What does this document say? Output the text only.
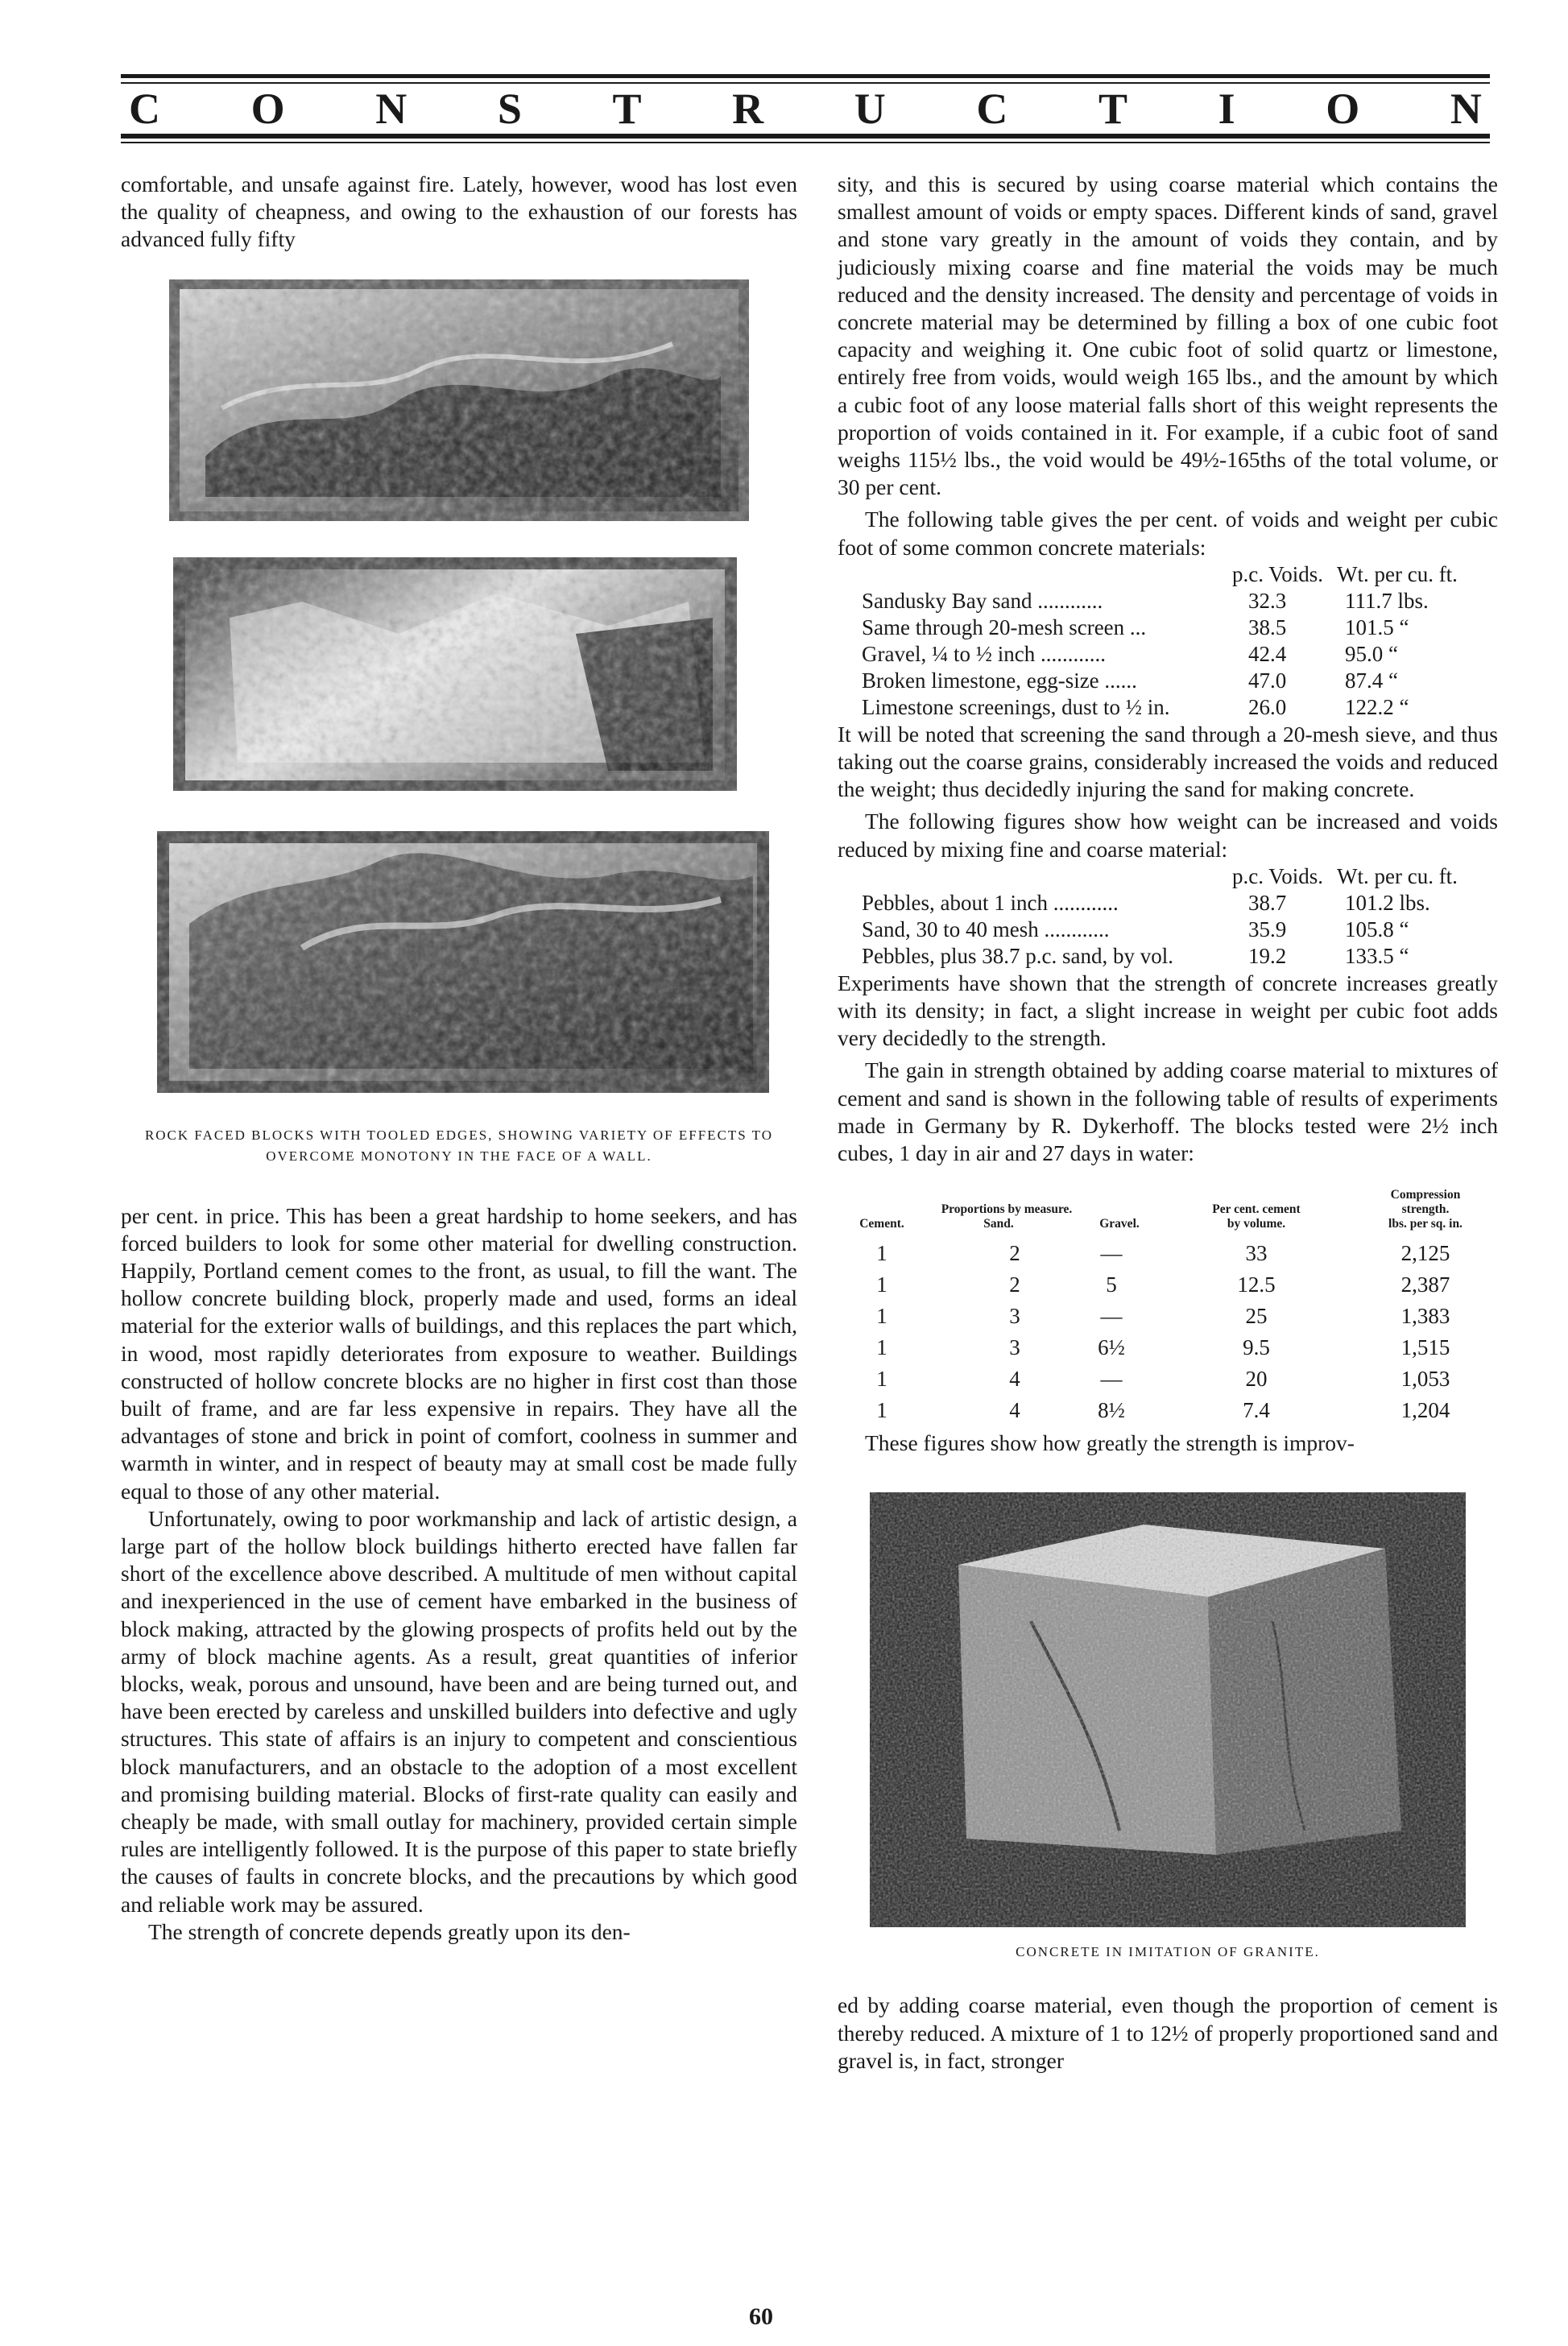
C O N S T R U C T I O N

comfortable, and unsafe against fire. Lately, however, wood has lost even the quality of cheapness, and owing to the exhaustion of our forests has advanced fully fifty

ROCK FACED BLOCKS WITH TOOLED EDGES, SHOWING VARIETY OF EFFECTS TO OVERCOME MONOTONY IN THE FACE OF A WALL.

per cent. in price. This has been a great hardship to home seekers, and has forced builders to look for some other material for dwelling construction. Happily, Portland cement comes to the front, as usual, to fill the want. The hollow concrete building block, properly made and used, forms an ideal material for the exterior walls of buildings, and this replaces the part which, in wood, most rapidly deteriorates from exposure to weather. Buildings constructed of hollow concrete blocks are no higher in first cost than those built of frame, and are far less expensive in repairs. They have all the advantages of stone and brick in point of comfort, coolness in summer and warmth in winter, and in respect of beauty may at small cost be made fully equal to those of any other material.

Unfortunately, owing to poor workmanship and lack of artistic design, a large part of the hollow block buildings hitherto erected have fallen far short of the excellence above described. A multitude of men without capital and inexperienced in the use of cement have embarked in the business of block making, attracted by the glowing prospects of profits held out by the army of block machine agents. As a result, great quantities of inferior blocks, weak, porous and unsound, have been and are being turned out, and have been erected by careless and unskilled builders into defective and ugly structures. This state of affairs is an injury to competent and conscientious block manufacturers, and an obstacle to the adoption of a most excellent and promising building material. Blocks of first-rate quality can easily and cheaply be made, with small outlay for machinery, provided certain simple rules are intelligently followed. It is the purpose of this paper to state briefly the causes of faults in concrete blocks, and the precautions by which good and reliable work may be assured.

The strength of concrete depends greatly upon its den-

sity, and this is secured by using coarse material which contains the smallest amount of voids or empty spaces. Different kinds of sand, gravel and stone vary greatly in the amount of voids they contain, and by judiciously mixing coarse and fine material the voids may be much reduced and the density increased. The density and percentage of voids in concrete material may be determined by filling a box of one cubic foot capacity and weighing it. One cubic foot of solid quartz or limestone, entirely free from voids, would weigh 165 lbs., and the amount by which a cubic foot of any loose material falls short of this weight represents the proportion of voids contained in it. For example, if a cubic foot of sand weighs 115½ lbs., the void would be 49½-165ths of the total volume, or 30 per cent.

The following table gives the per cent. of voids and weight per cubic foot of some common concrete materials:

p.c. Voids. Wt. per cu. ft.
Sandusky Bay sand ............	32.3	111.7 lbs.
Same through 20-mesh screen ...	38.5	101.5 “
Gravel, ¼ to ½ inch ............	42.4	95.0 “
Broken limestone, egg-size ......	47.0	87.4 “
Limestone screenings, dust to ½ in.	26.0	122.2 “

It will be noted that screening the sand through a 20-mesh sieve, and thus taking out the coarse grains, considerably increased the voids and reduced the weight; thus decidedly injuring the sand for making concrete.

The following figures show how weight can be increased and voids reduced by mixing fine and coarse material:

p.c. Voids. Wt. per cu. ft.
Pebbles, about 1 inch ............	38.7	101.2 lbs.
Sand, 30 to 40 mesh ............	35.9	105.8 “
Pebbles, plus 38.7 p.c. sand, by vol.	19.2	133.5 “

Experiments have shown that the strength of concrete increases greatly with its density; in fact, a slight increase in weight per cubic foot adds very decidedly to the strength.

The gain in strength obtained by adding coarse material to mixtures of cement and sand is shown in the following table of results of experiments made in Germany by R. Dykerhoff. The blocks tested were 2½ inch cubes, 1 day in air and 27 days in water:

Proportions by measure.
Cement.	Sand.	Gravel.
Per cent. cement
by volume.
Compression
strength.
lbs. per sq. in.
1	2	—	33	2,125
1	2	5	12.5	2,387
1	3	—	25	1,383
1	3	6½	9.5	1,515
1	4	—	20	1,053
1	4	8½	7.4	1,204

These figures show how greatly the strength is improv-

CONCRETE IN IMITATION OF GRANITE.

ed by adding coarse material, even though the proportion of cement is thereby reduced. A mixture of 1 to 12½ of properly proportioned sand and gravel is, in fact, stronger

60
